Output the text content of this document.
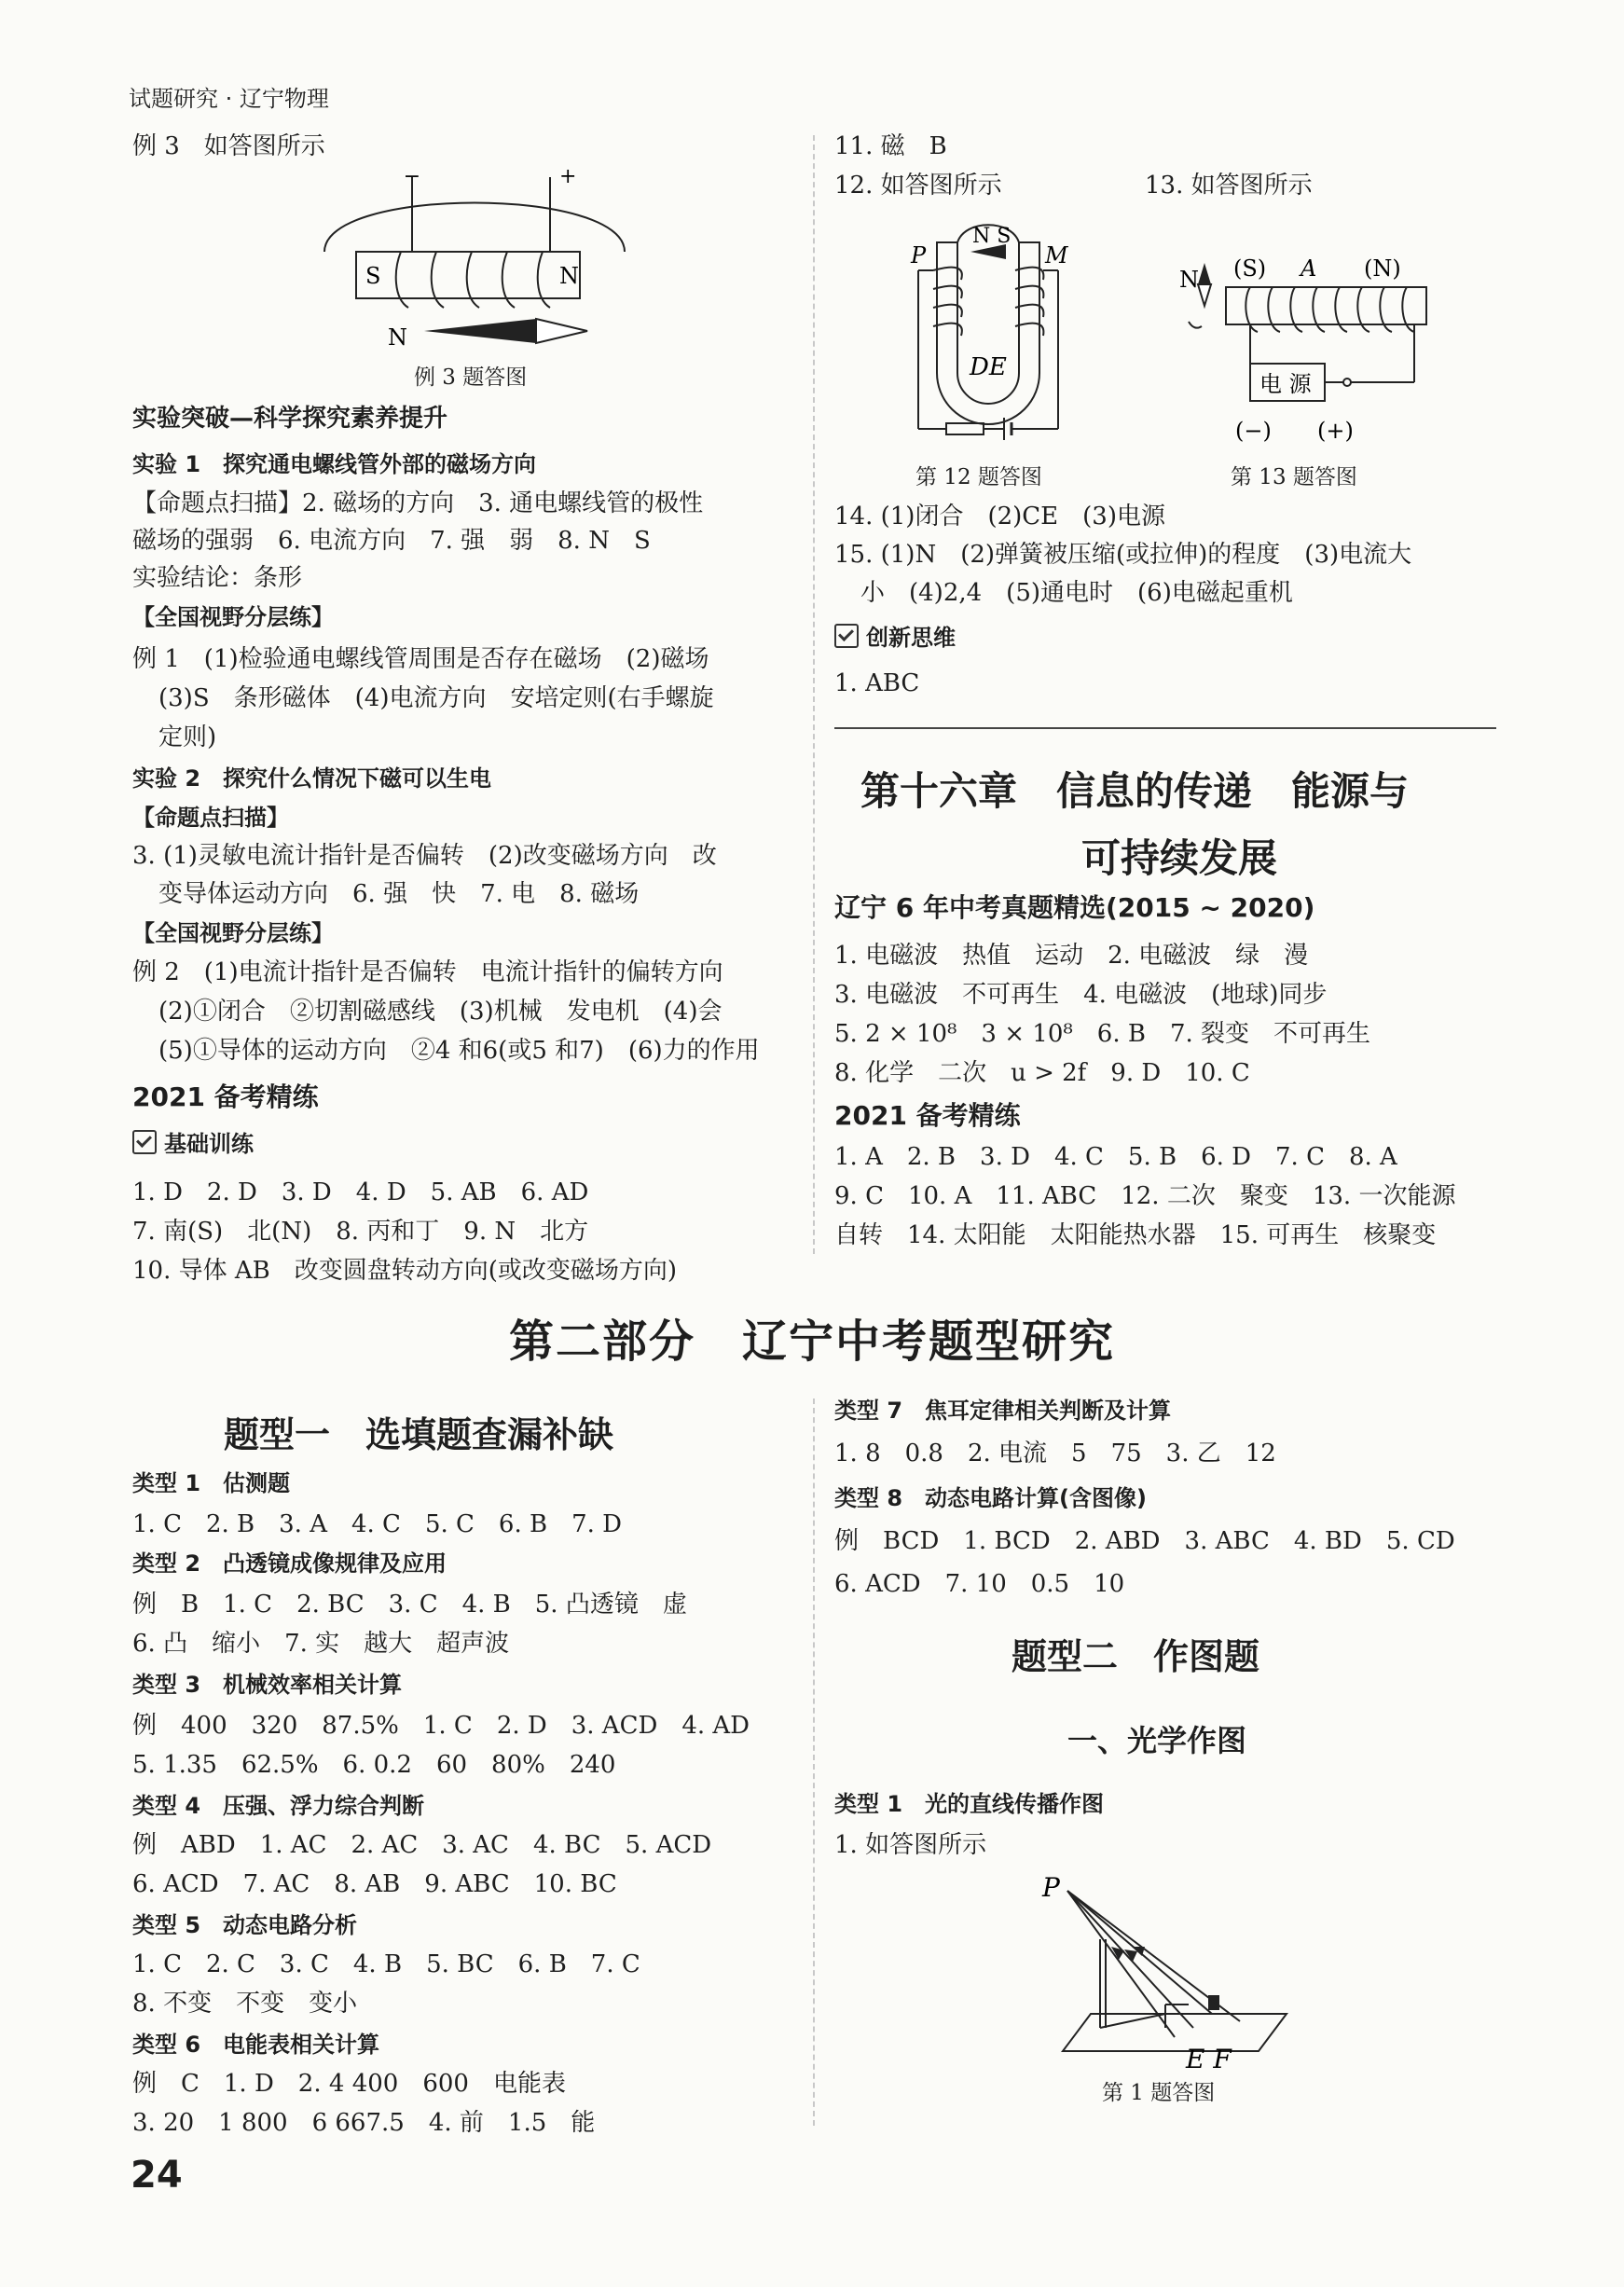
试题研究 · 辽宁物理
例 3　如答图所示
−	+
S	N
N
例 3 题答图
实验突破—科学探究素养提升
实验 1　探究通电螺线管外部的磁场方向
【命题点扫描】2. 磁场的方向　3. 通电螺线管的极性
磁场的强弱　6. 电流方向　7. 强　弱　8. N　S
实验结论：条形
【全国视野分层练】
例 1　(1)检验通电螺线管周围是否存在磁场　(2)磁场
(3)S　条形磁体　(4)电流方向　安培定则(右手螺旋
定则)
实验 2　探究什么情况下磁可以生电
【命题点扫描】
3. (1)灵敏电流计指针是否偏转　(2)改变磁场方向　改
变导体运动方向　6. 强　快　7. 电　8. 磁场
【全国视野分层练】
例 2　(1)电流计指针是否偏转　电流计指针的偏转方向
(2)①闭合　②切割磁感线　(3)机械　发电机　(4)会
(5)①导体的运动方向　②4 和6(或5 和7)　(6)力的作用
2021 备考精练
基础训练
1. D　2. D　3. D　4. D　5. AB　6. AD
7. 南(S)　北(N)　8. 丙和丁　9. N　北方
10. 导体 AB　改变圆盘转动方向(或改变磁场方向)
11. 磁　B
12. 如答图所示	13. 如答图所示
P	M
N S
DE
第 12 题答图
N (S) A (N)
电 源
(−) (+)
第 13 题答图
14. (1)闭合　(2)CE　(3)电源
15. (1)N　(2)弹簧被压缩(或拉伸)的程度　(3)电流大
小　(4)2,4　(5)通电时　(6)电磁起重机
创新思维
1. ABC
第十六章　信息的传递　能源与
可持续发展
辽宁 6 年中考真题精选(2015 ~ 2020)
1. 电磁波　热值　运动　2. 电磁波　绿　漫
3. 电磁波　不可再生　4. 电磁波　(地球)同步
5. 2 × 10⁸　3 × 10⁸　6. B　7. 裂变　不可再生
8. 化学　二次　u > 2f　9. D　10. C
2021 备考精练
1. A　2. B　3. D　4. C　5. B　6. D　7. C　8. A
9. C　10. A　11. ABC　12. 二次　聚变　13. 一次能源
自转　14. 太阳能　太阳能热水器　15. 可再生　核聚变
第二部分　辽宁中考题型研究
题型一　选填题查漏补缺
类型 1　估测题
1. C　2. B　3. A　4. C　5. C　6. B　7. D
类型 2　凸透镜成像规律及应用
例　B　1. C　2. BC　3. C　4. B　5. 凸透镜　虚
6. 凸　缩小　7. 实　越大　超声波
类型 3　机械效率相关计算
例　400　320　87.5%　1. C　2. D　3. ACD　4. AD
5. 1.35　62.5%　6. 0.2　60　80%　240
类型 4　压强、浮力综合判断
例　ABD　1. AC　2. AC　3. AC　4. BC　5. ACD
6. ACD　7. AC　8. AB　9. ABC　10. BC
类型 5　动态电路分析
1. C　2. C　3. C　4. B　5. BC　6. B　7. C
8. 不变　不变　变小
类型 6　电能表相关计算
例　C　1. D　2. 4 400　600　电能表
3. 20　1 800　6 667.5　4. 前　1.5　能
类型 7　焦耳定律相关判断及计算
1. 8　0.8　2. 电流　5　75　3. 乙　12
类型 8　动态电路计算(含图像)
例　BCD　1. BCD　2. ABD　3. ABC　4. BD　5. CD
6. ACD　7. 10　0.5　10
题型二　作图题
一、光学作图
类型 1　光的直线传播作图
1. 如答图所示
P
E F
第 1 题答图
24
